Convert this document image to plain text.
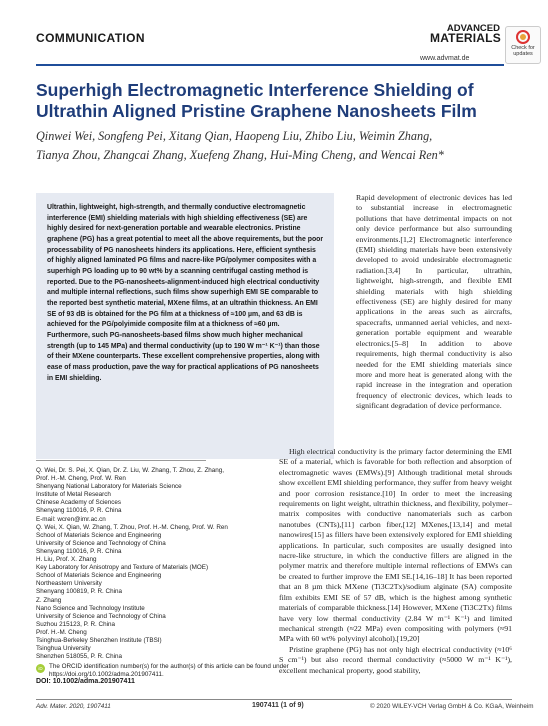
COMMUNICATION
ADVANCED
MATERIALS
Check for
updates
www.advmat.de
Superhigh Electromagnetic Interference Shielding of Ultrathin Aligned Pristine Graphene Nanosheets Film
Qinwei Wei, Songfeng Pei, Xitang Qian, Haopeng Liu, Zhibo Liu, Weimin Zhang,
Tianya Zhou, Zhangcai Zhang, Xuefeng Zhang, Hui-Ming Cheng, and Wencai Ren*
Ultrathin, lightweight, high-strength, and thermally conductive electromagnetic interference (EMI) shielding materials with high shielding effectiveness (SE) are highly desired for next-generation portable and wearable electronics. Pristine graphene (PG) has a great potential to meet all the above requirements, but the poor processability of PG nanosheets hinders its applications. Here, efficient synthesis of highly aligned laminated PG films and nacre-like PG/polymer composites with a superhigh PG loading up to 90 wt% by a scanning centrifugal casting method is reported. Due to the PG-nanosheets-alignment-induced high electrical conductivity and multiple internal reflections, such films show superhigh EMI SE comparable to the reported best synthetic material, MXene films, at an ultrathin thickness. An EMI SE of 93 dB is obtained for the PG film at a thickness of ≈100 µm, and 63 dB is achieved for the PG/polyimide composite film at a thickness of ≈60 µm. Furthermore, such PG-nanosheets-based films show much higher mechanical strength (up to 145 MPa) and thermal conductivity (up to 190 W m⁻¹ K⁻¹) than those of their MXene counterparts. These excellent comprehensive properties, along with ease of mass production, pave the way for practical applications of PG nanosheets in EMI shielding.
Q. Wei, Dr. S. Pei, X. Qian, Dr. Z. Liu, W. Zhang, T. Zhou, Z. Zhang,
Prof. H.-M. Cheng, Prof. W. Ren
Shenyang National Laboratory for Materials Science
Institute of Metal Research
Chinese Academy of Sciences
Shenyang 110016, P. R. China
E-mail: wcren@imr.ac.cn
Q. Wei, X. Qian, W. Zhang, T. Zhou, Prof. H.-M. Cheng, Prof. W. Ren
School of Materials Science and Engineering
University of Science and Technology of China
Shenyang 110016, P. R. China
H. Liu, Prof. X. Zhang
Key Laboratory for Anisotropy and Texture of Materials (MOE)
School of Materials Science and Engineering
Northeastern University
Shenyang 100819, P. R. China
Z. Zhang
Nano Science and Technology Institute
University of Science and Technology of China
Suzhou 215123, P. R. China
Prof. H.-M. Cheng
Tsinghua-Berkeley Shenzhen Institute (TBSI)
Tsinghua University
Shenzhen 518055, P. R. China
iD	The ORCID identification number(s) for the author(s) of this article can be found under https://doi.org/10.1002/adma.201907411.
DOI: 10.1002/adma.201907411
Rapid development of electronic devices has led to substantial increase in electromagnetic pollutions that have detrimental impacts on not only device performance but also surrounding environments.[1,2] Electromagnetic interference (EMI) shielding materials have been extensively developed to avoid undesirable electromagnetic radiation.[3,4] In particular, ultrathin, lightweight, high-strength, and flexible EMI shielding materials with high shielding effectiveness (SE) are highly desired for many applications in the areas such as aircrafts, spacecrafts, unmanned aerial vehicles, and next-generation portable equipment and wearable electronics.[5–8] In addition to above requirements, high thermal conductivity is also needed for the EMI shielding materials since more and more heat is generated along with the rapid increase in the integration and operation frequency of electronic devices, which leads to significant degradation of device performance.

High electrical conductivity is the primary factor determining the EMI SE of a material, which is favorable for both reflection and absorption of electromagnetic waves (EMWs).[9] Although traditional metal shrouds show excellent EMI shielding performance, they suffer from heavy weight and poor corrosion resistance.[10] In order to meet the increasing requirements on light weight, ultrathin thickness, and flexibility, polymer–matrix composites with conductive nanomaterials such as carbon nanotubes (CNTs),[11] carbon fiber,[12] MXenes,[13,14] and metal nanowires[15] as fillers have been extensively explored for EMI shielding applications. In particular, such composites are usually designed into nacre-like structure, in which the conductive fillers are aligned in the polymer matrix and therefore multiple internal reflections of EMWs can be created to further improve the EMI SE.[14,16–18] It has been reported that an 8 µm thick MXene (Ti3C2Tx)/sodium alginate (SA) composite film exhibits EMI SE of 57 dB, which is the highest among synthetic materials of comparable thickness.[14] However, MXene (Ti3C2Tx) films have very low thermal conductivity (2.84 W m⁻¹ K⁻¹) and limited mechanical strength (≈22 MPa) even compositing with polymers (≈91 MPa with 60 wt% polyvinyl alcohol).[19,20]

Pristine graphene (PG) has not only high electrical conductivity (≈10⁶ S cm⁻¹) but also record thermal conductivity (≈5000 W m⁻¹ K⁻¹), excellent mechanical property, good stability,

Adv. Mater. 2020, 1907411	1907411 (1 of 9)	© 2020 WILEY-VCH Verlag GmbH & Co. KGaA, Weinheim
